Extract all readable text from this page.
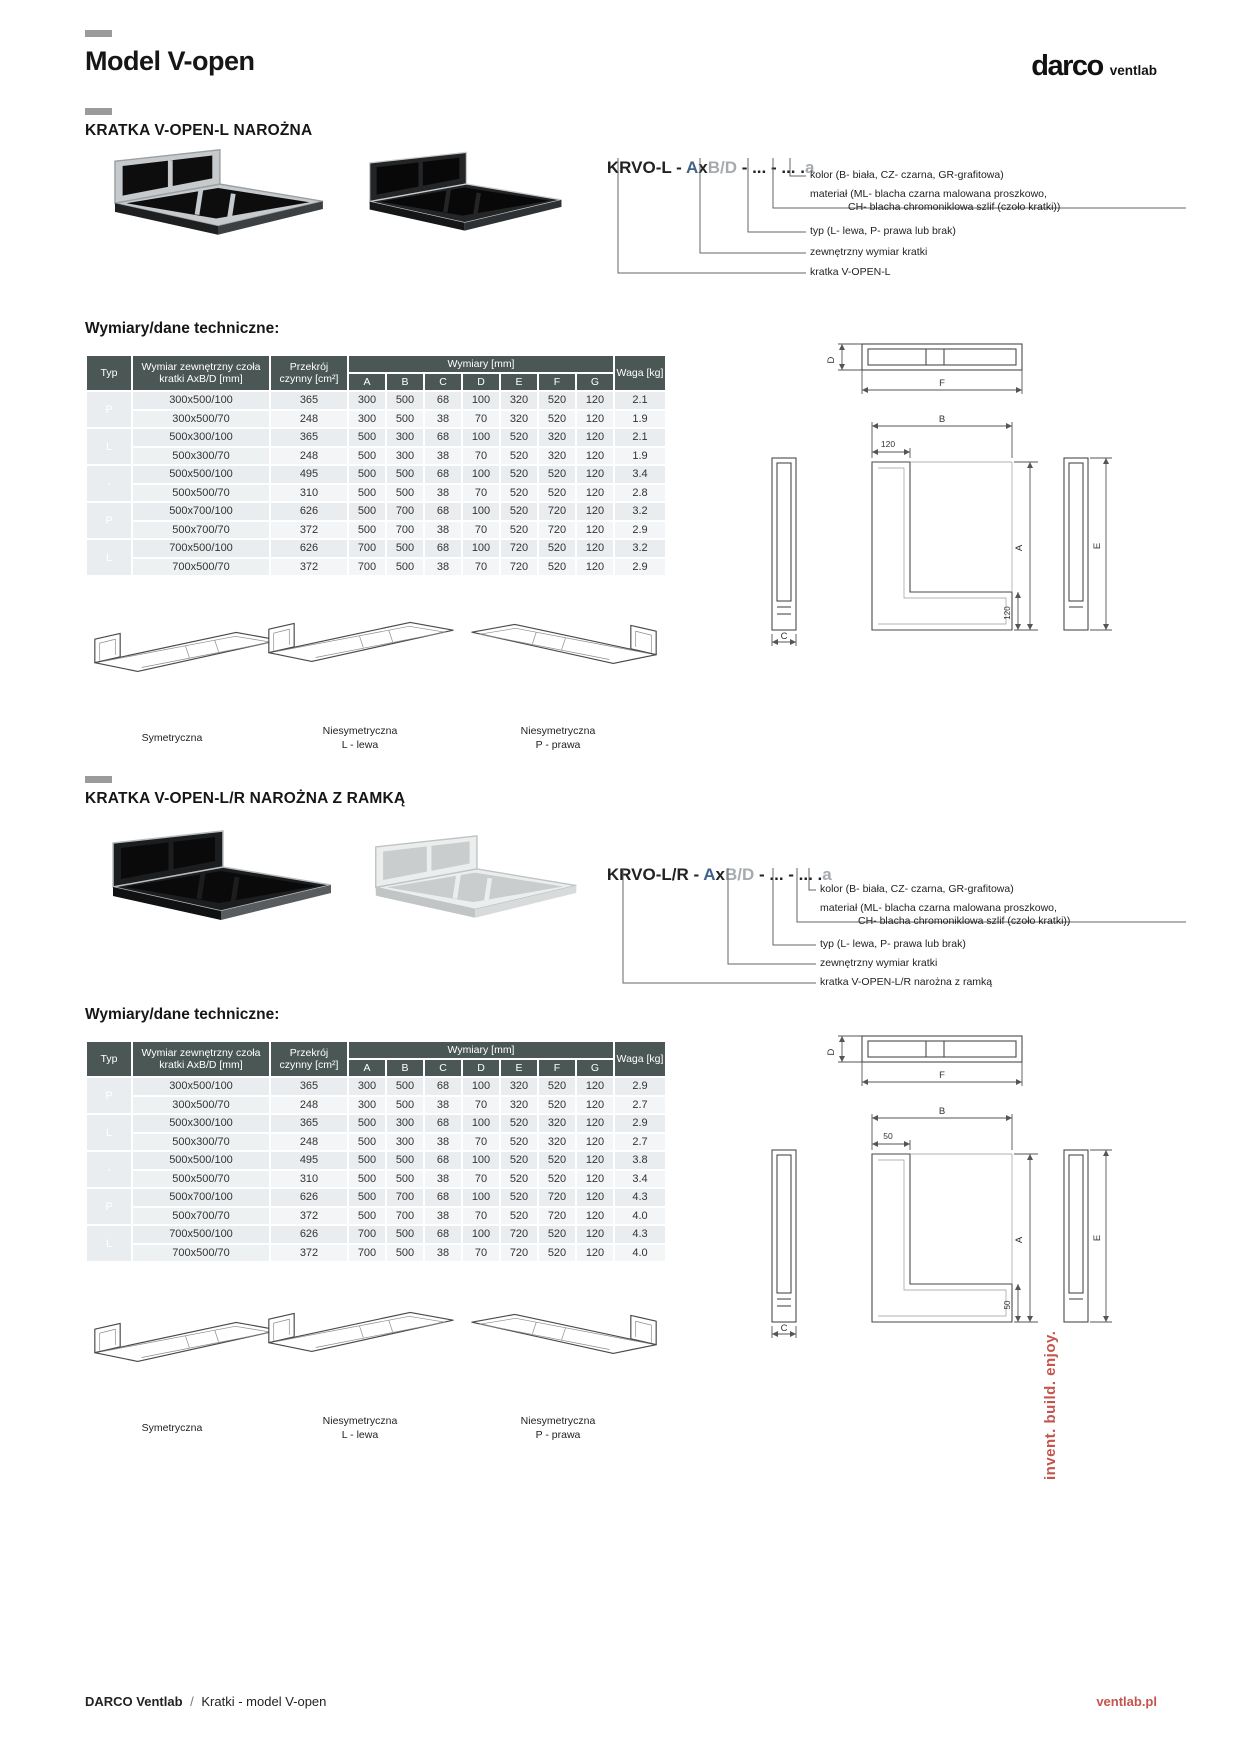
Model V-open	darco ventlab
KRATKA V-OPEN-L NAROŻNA

KRVO-L - AxB/D - ... - ... .a

kolor (B- biała, CZ- czarna, GR-grafitowa)
materiał (ML- blacha czarna malowana proszkowo,
CH- blacha chromoniklowa szlif (czoło kratki))
typ (L- lewa, P- prawa lub brak)
zewnętrzny wymiar kratki
kratka V-OPEN-L
Wymiary/dane techniczne:
Typ	Wymiar zewnętrzny czoła kratki AxB/D [mm]	Przekrój czynny [cm²]	Wymiary [mm]							Waga [kg]
			A	B	C	D	E	F	G	
P	300x500/100	365	300	500	68	100	320	520	120	2.1
	300x500/70	248	300	500	38	70	320	520	120	1.9
L	500x300/100	365	500	300	68	100	520	320	120	2.1
	500x300/70	248	500	300	38	70	520	320	120	1.9
-	500x500/100	495	500	500	68	100	520	520	120	3.4
	500x500/70	310	500	500	38	70	520	520	120	2.8
P	500x700/100	626	500	700	68	100	520	720	120	3.2
	500x700/70	372	500	700	38	70	520	720	120	2.9
L	700x500/100	626	700	500	68	100	720	520	120	3.2
	700x500/70	372	700	500	38	70	720	520	120	2.9
D
F
B
120
A	E
C
120
Symetryczna
Niesymetryczna
L - lewa
Niesymetryczna
P - prawa
KRATKA V-OPEN-L/R NAROŻNA Z RAMKĄ

KRVO-L/R - AxB/D - ... - ... .a

kolor (B- biała, CZ- czarna, GR-grafitowa)
materiał (ML- blacha czarna malowana proszkowo,
CH- blacha chromoniklowa szlif (czoło kratki))
typ (L- lewa, P- prawa lub brak)
zewnętrzny wymiar kratki
kratka V-OPEN-L/R narożna z ramką
Wymiary/dane techniczne:
Typ	Wymiar zewnętrzny czoła kratki AxB/D [mm]	Przekrój czynny [cm²]	Wymiary [mm]							Waga [kg]
			A	B	C	D	E	F	G	
P	300x500/100	365	300	500	68	100	320	520	120	2.9
	300x500/70	248	300	500	38	70	320	520	120	2.7
L	500x300/100	365	500	300	68	100	520	320	120	2.9
	500x300/70	248	500	300	38	70	520	320	120	2.7
-	500x500/100	495	500	500	68	100	520	520	120	3.8
	500x500/70	310	500	500	38	70	520	520	120	3.4
P	500x700/100	626	500	700	68	100	520	720	120	4.3
	500x700/70	372	500	700	38	70	520	720	120	4.0
L	700x500/100	626	700	500	68	100	720	520	120	4.3
	700x500/70	372	700	500	38	70	720	520	120	4.0
D
F
B
50
A	E
C
50
Symetryczna
Niesymetryczna
L - lewa
Niesymetryczna
P - prawa	invent. build. enjoy.
DARCO Ventlab / Kratki - model V-open	ventlab.pl
